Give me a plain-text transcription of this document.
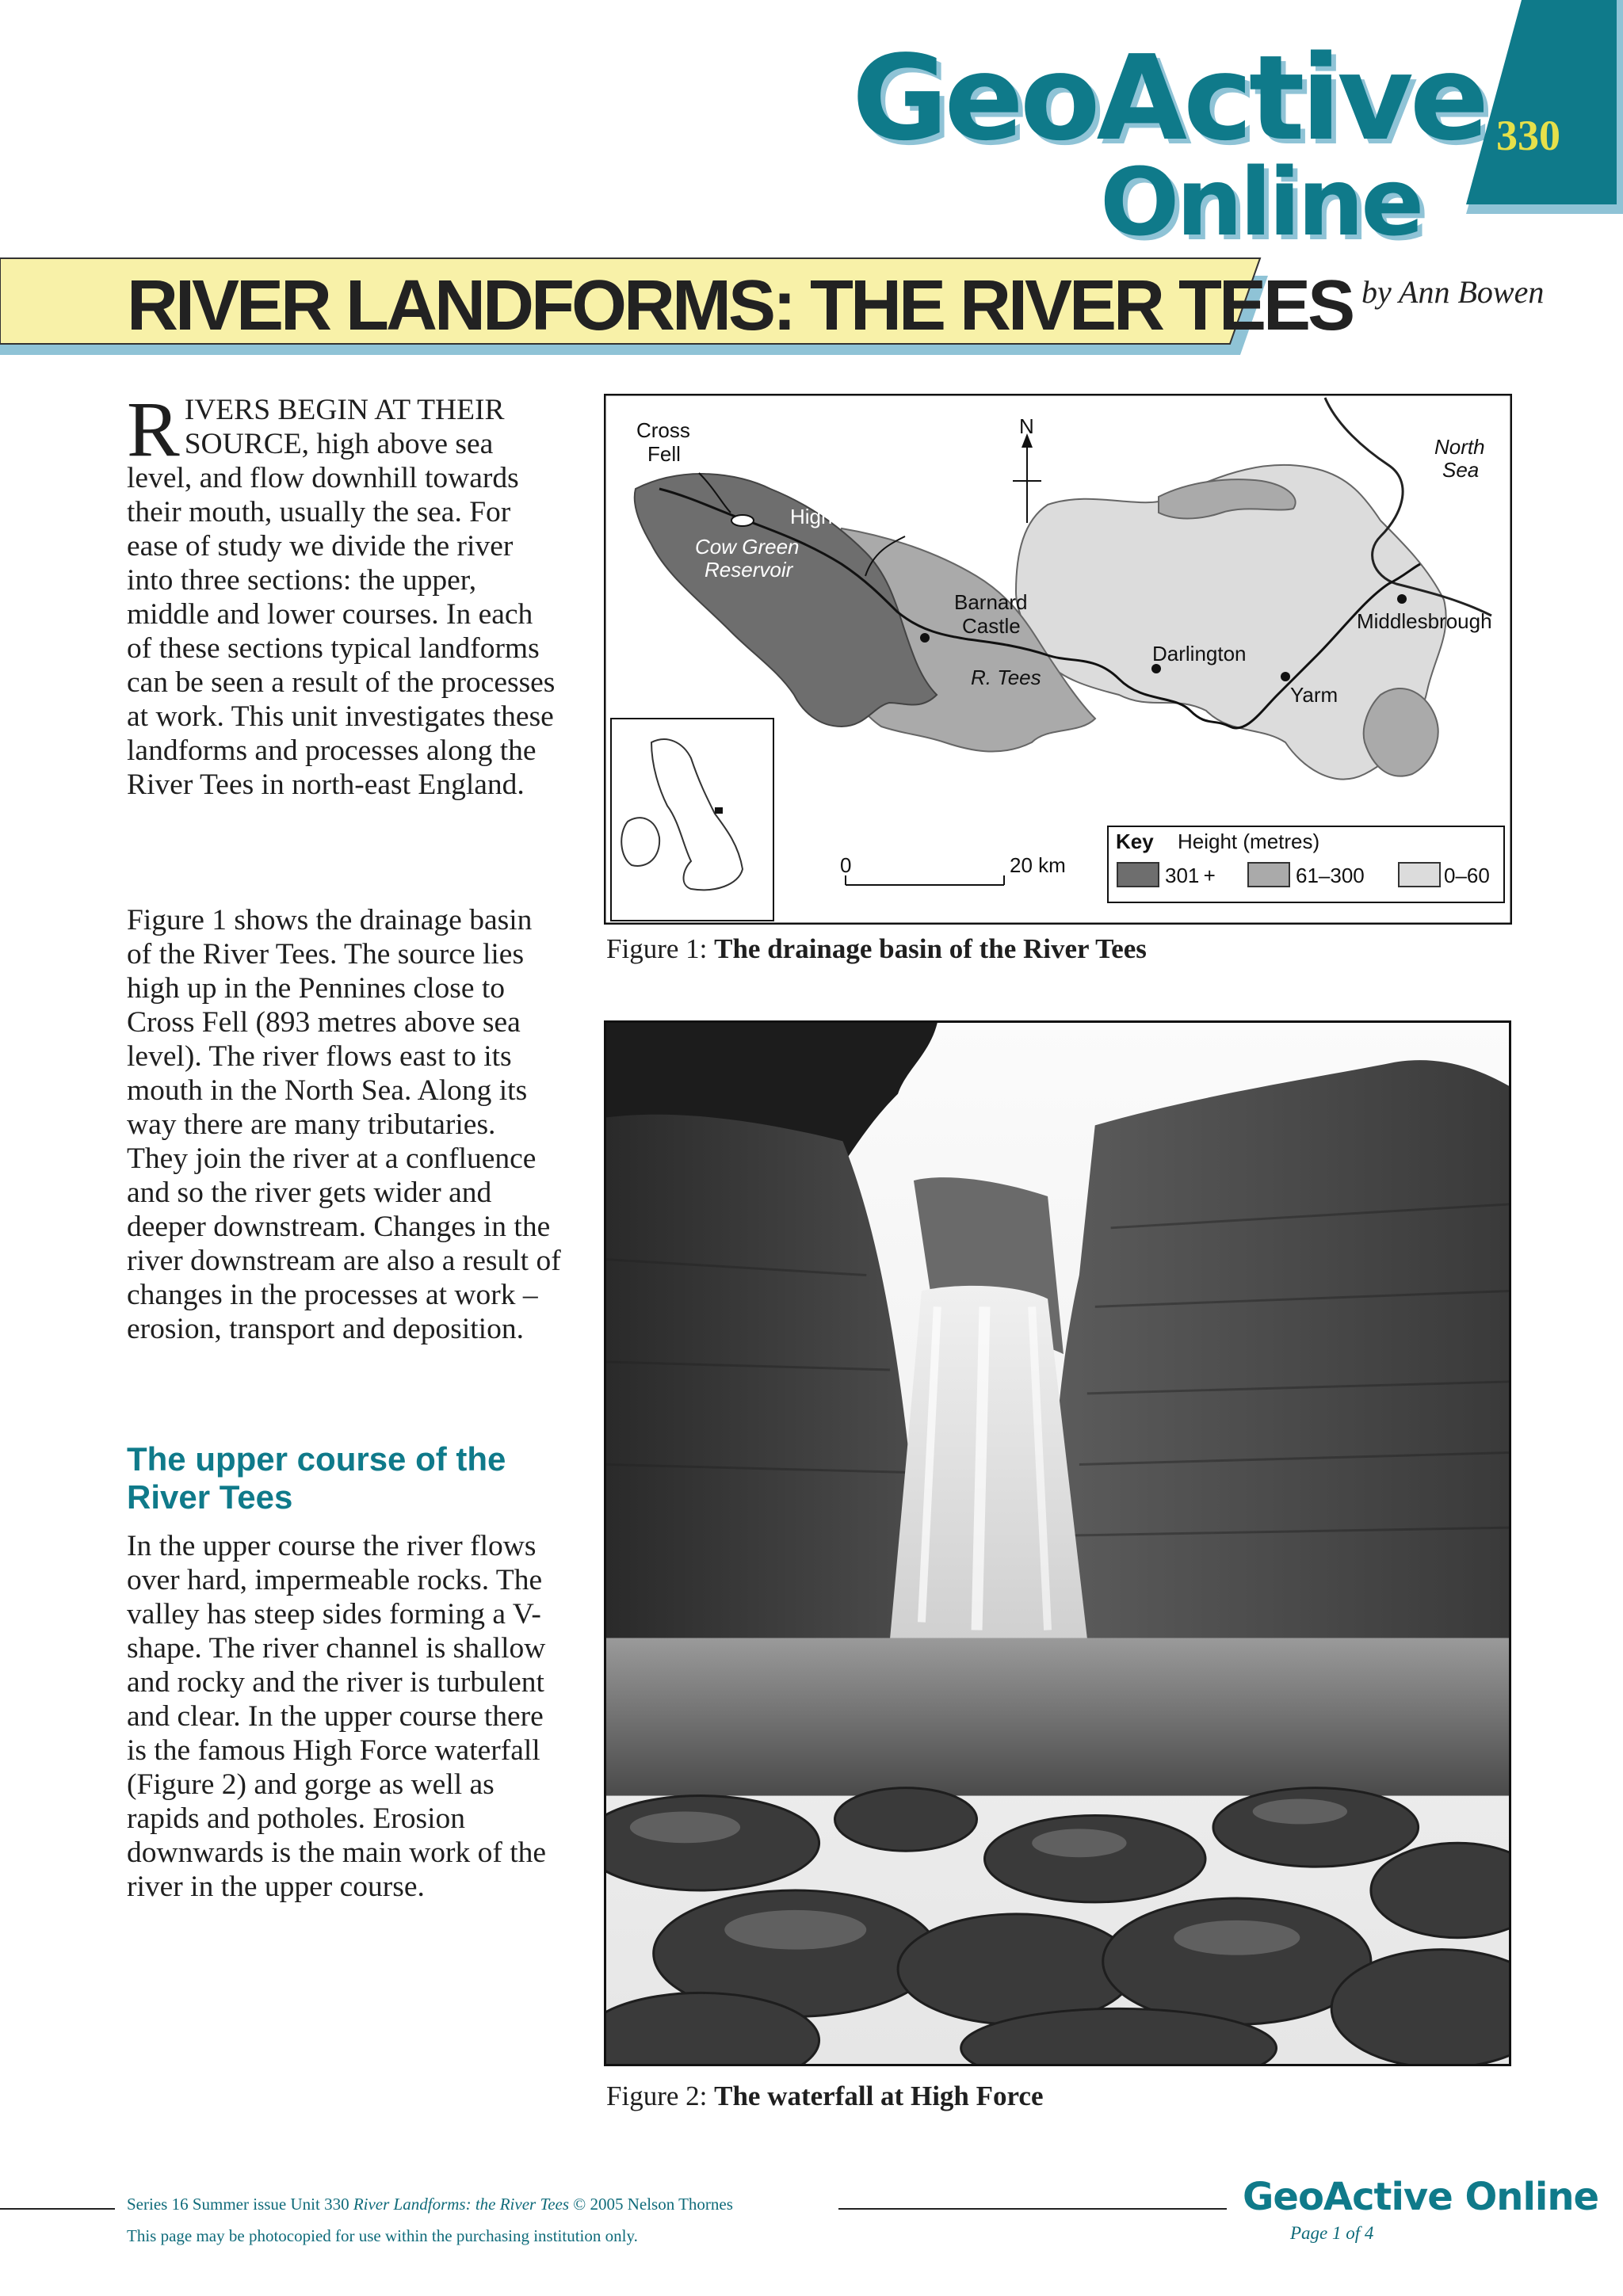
GeoActive
Online
330
RIVER LANDFORMS: THE RIVER TEES by Ann Bowen

RIVERS BEGIN AT THEIR SOURCE, high above sea level, and flow downhill towards their mouth, usually the sea. For ease of study we divide the river into three sections: the upper, middle and lower courses. In each of these sections typical landforms can be seen a result of the processes at work. This unit investigates these landforms and processes along the River Tees in north-east England.

Figure 1 shows the drainage basin of the River Tees. The source lies high up in the Pennines close to Cross Fell (893 metres above sea level). The river flows east to its mouth in the North Sea. Along its way there are many tributaries. They join the river at a confluence and so the river gets wider and deeper downstream. Changes in the river downstream are also a result of changes in the processes at work – erosion, transport and deposition.
The upper course of the River Tees
In the upper course the river flows over hard, impermeable rocks. The valley has steep sides forming a V-shape. The river channel is shallow and rocky and the river is turbulent and clear. In the upper course there is the famous High Force waterfall (Figure 2) and gorge as well as rapids and potholes. Erosion downwards is the main work of the river in the upper course.
Cross
Fell
N
North
Sea
High Force
Cow Green
Reservoir
Barnard
Castle
R. Tees
Darlington
Yarm
Middlesbrough
0	20 km
Key Height (metres)
301 +	61–300	0–60
Figure 1: The drainage basin of the River Tees
Figure 2: The waterfall at High Force
Series 16 Summer issue Unit 330 River Landforms: the River Tees © 2005 Nelson Thornes
This page may be photocopied for use within the purchasing institution only.
GeoActive Online
Page 1 of 4
